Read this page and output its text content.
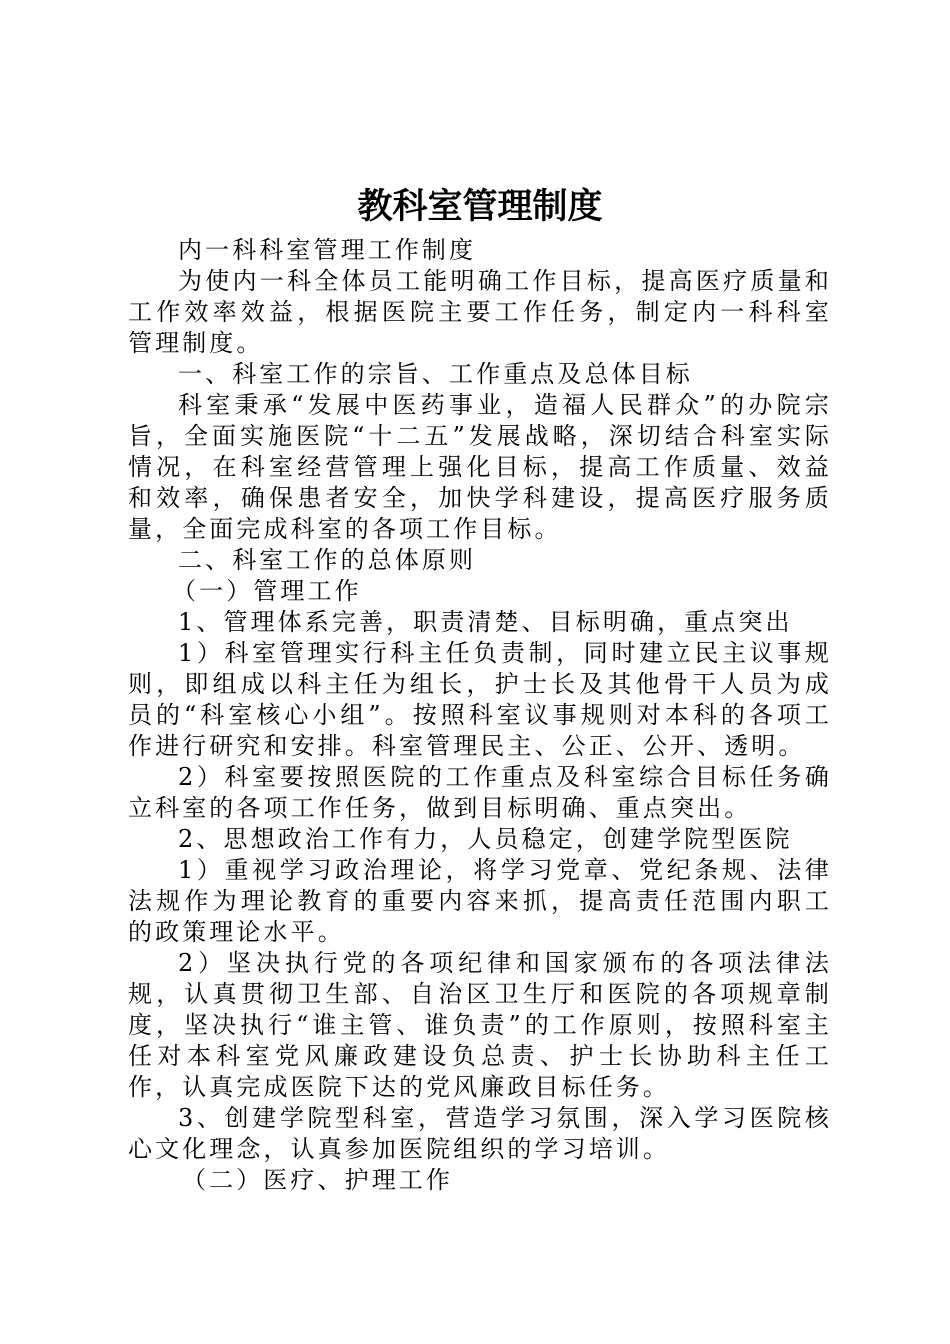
教科室管理制度

内一科科室管理工作制度

为使内一科全体员工能明确工作目标，提高医疗质量和工作效率效益，根据医院主要工作任务，制定内一科科室管理制度。

一、科室工作的宗旨、工作重点及总体目标

科室秉承“发展中医药事业，造福人民群众”的办院宗旨，全面实施医院“十二五”发展战略，深切结合科室实际情况，在科室经营管理上强化目标，提高工作质量、效益和效率，确保患者安全，加快学科建设，提高医疗服务质量，全面完成科室的各项工作目标。

二、科室工作的总体原则

（一）管理工作

1、管理体系完善，职责清楚、目标明确，重点突出

1）科室管理实行科主任负责制，同时建立民主议事规则，即组成以科主任为组长，护士长及其他骨干人员为成员的“科室核心小组”。按照科室议事规则对本科的各项工作进行研究和安排。科室管理民主、公正、公开、透明。

2）科室要按照医院的工作重点及科室综合目标任务确立科室的各项工作任务，做到目标明确、重点突出。

2、思想政治工作有力，人员稳定，创建学院型医院

1）重视学习政治理论，将学习党章、党纪条规、法律法规作为理论教育的重要内容来抓，提高责任范围内职工的政策理论水平。

2）坚决执行党的各项纪律和国家颁布的各项法律法规，认真贯彻卫生部、自治区卫生厅和医院的各项规章制度，坚决执行“谁主管、谁负责”的工作原则，按照科室主任对本科室党风廉政建设负总责、护士长协助科主任工作，认真完成医院下达的党风廉政目标任务。

3、创建学院型科室，营造学习氛围，深入学习医院核心文化理念，认真参加医院组织的学习培训。

（二）医疗、护理工作
